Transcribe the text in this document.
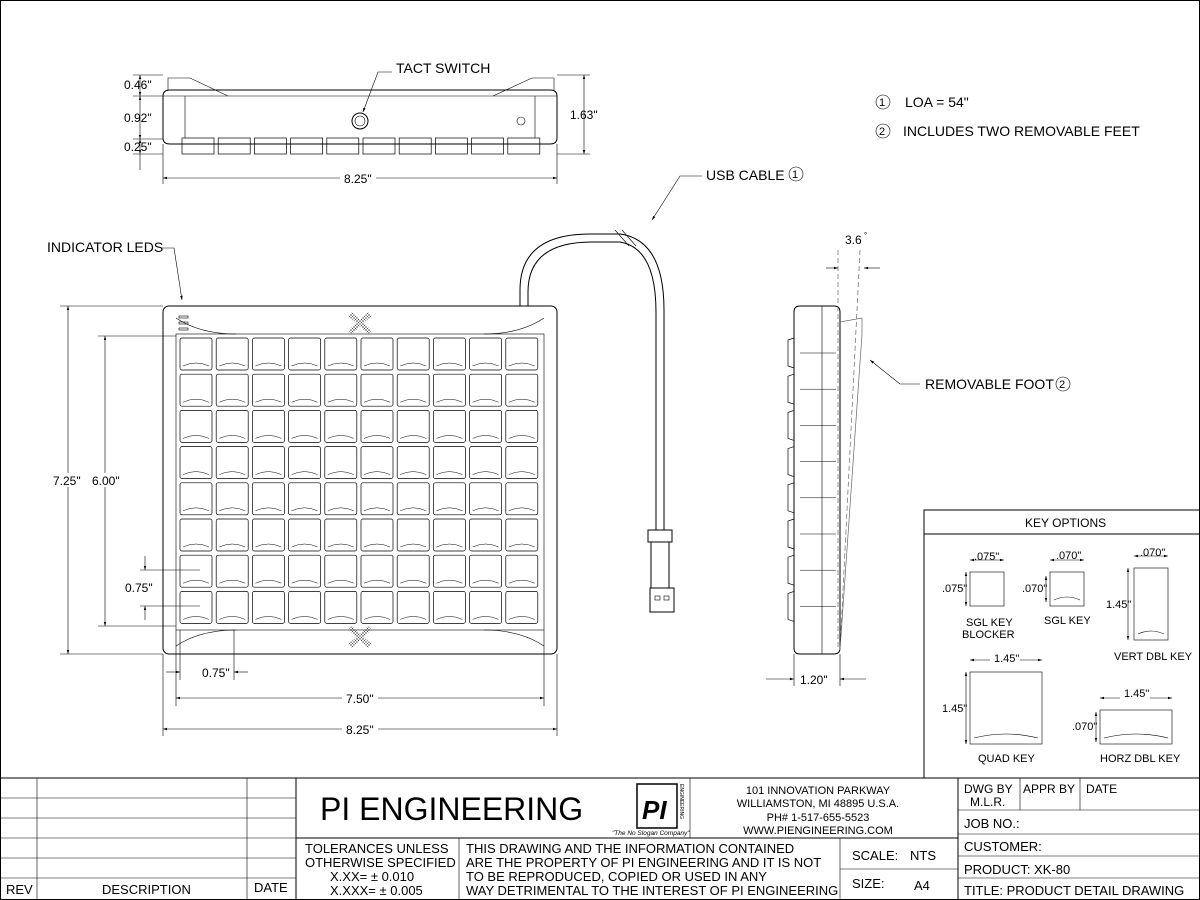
TACT SWITCH
0.46"
0.92"
0.25"
1.63"
8.25"
1 LOA = 54"
2 INCLUDES TWO REMOVABLE FEET
USB CABLE 1
INDICATOR LEDS
7.25" 6.00"
0.75"
0.75"
7.50"
8.25"
3.6 °
REMOVABLE FOOT 2
1.20"
KEY OPTIONS
.075"
.075"
SGL KEY
BLOCKER
.070"
.070"
SGL KEY
.070"
1.45"
VERT DBL KEY
1.45"
1.45"
QUAD KEY
1.45"
.070"
HORZ DBL KEY
REV	DESCRIPTION	DATE
PI ENGINEERING PI ENGINEERING
"The No Slogan Company"
101 INNOVATION PARKWAY
WILLIAMSTON, MI 48895 U.S.A.
PH# 1-517-655-5523
WWW.PIENGINEERING.COM
TOLERANCES UNLESS
OTHERWISE SPECIFIED
X.XX= ± 0.010
X.XXX= ± 0.005
THIS DRAWING AND THE INFORMATION CONTAINED
ARE THE PROPERTY OF PI ENGINEERING AND IT IS NOT
TO BE REPRODUCED, COPIED OR USED IN ANY
WAY DETRIMENTAL TO THE INTEREST OF PI ENGINEERING
SCALE: NTS
SIZE: A4
DWG BY
M.L.R.
APPR BY DATE
JOB NO.:
CUSTOMER:
PRODUCT: XK-80
TITLE: PRODUCT DETAIL DRAWING
